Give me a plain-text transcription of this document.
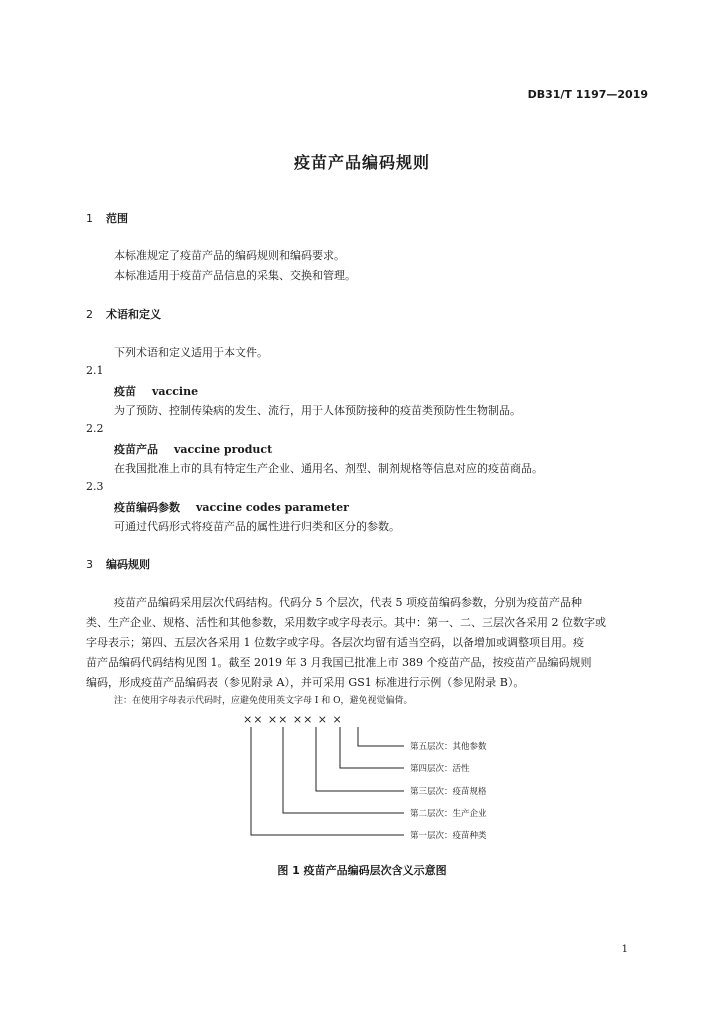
DB31/T 1197—2019
疫苗产品编码规则
1 范围
本标准规定了疫苗产品的编码规则和编码要求。
本标准适用于疫苗产品信息的采集、交换和管理。
2 术语和定义
下列术语和定义适用于本文件。
2.1
疫苗 vaccine
为了预防、控制传染病的发生、流行，用于人体预防接种的疫苗类预防性生物制品。
2.2
疫苗产品 vaccine product
在我国批准上市的具有特定生产企业、通用名、剂型、制剂规格等信息对应的疫苗商品。
2.3
疫苗编码参数 vaccine codes parameter
可通过代码形式将疫苗产品的属性进行归类和区分的参数。
3 编码规则
疫苗产品编码采用层次代码结构。代码分 5 个层次，代表 5 项疫苗编码参数，分别为疫苗产品种
类、生产企业、规格、活性和其他参数，采用数字或字母表示。其中：第一、二、三层次各采用 2 位数字或
字母表示；第四、五层次各采用 1 位数字或字母。各层次均留有适当空码，以备增加或调整项目用。疫
苗产品编码代码结构见图 1。截至 2019 年 3 月我国已批准上市 389 个疫苗产品，按疫苗产品编码规则
编码，形成疫苗产品编码表（参见附录 A），并可采用 GS1 标准进行示例（参见附录 B）。
注：在使用字母表示代码时，应避免使用英文字母 I 和 O，避免视觉偏倚。
×× ×× ×× × ×
第五层次：其他参数
第四层次：活性
第三层次：疫苗规格
第二层次：生产企业
第一层次：疫苗种类
图 1 疫苗产品编码层次含义示意图
1
